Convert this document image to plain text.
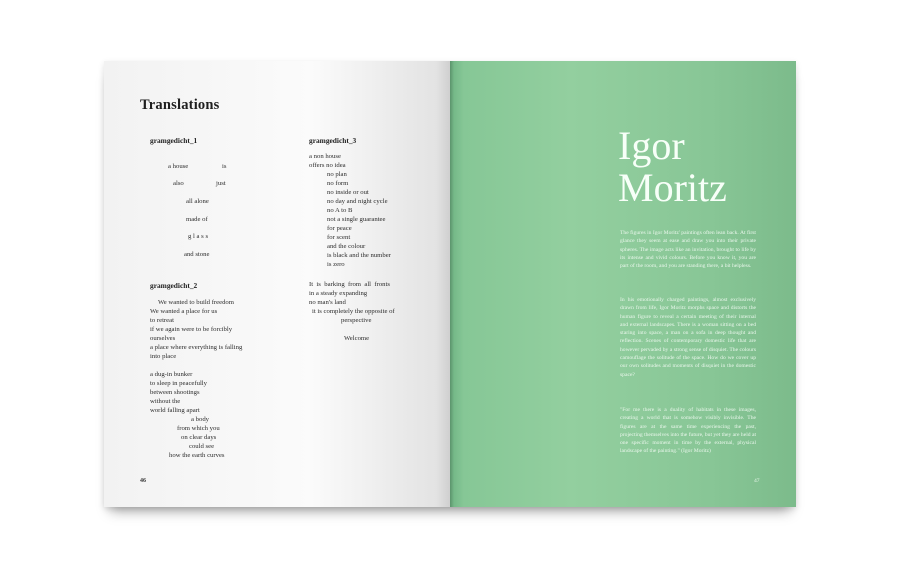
Translations
gramgedicht_1
a house	is
also	just
all alone
made of
g l a s s
and stone
gramgedicht_2
We wanted to build freedom
We wanted a place for us
to retreat
if we again were to be forcibly
ourselves
a place where everything is falling
into place
a dug-in bunker
to sleep in peacefully
between shootings
without the
world falling apart
a body
from which you
on clear days
could see
how the earth curves
gramgedicht_3
a non house
offers no idea
no plan
no form
no inside or out
no day and night cycle
no A to B
not a single guarantee
for peace
for scent
and the colour
is black and the number
is zero
It  is  barking  from  all  fronts
in a steady expanding
no man's land
it is completely the opposite of
perspective
Welcome
46
Igor
Moritz
The figures in Igor Moritz' paintings often lean back. At first glance they seem at ease and draw you into their private spheres. The image acts like an invitation, brought to life by its intense and vivid colours. Before you know it, you are part of the room, and you are standing there, a bit helpless.
In his emotionally charged paintings, almost exclusively drawn from life, Igor Moritz morphs space and distorts the human figure to reveal a certain meeting of their internal and external landscapes. There is a woman sitting on a bed staring into space, a man on a sofa in deep thought and reflection. Scenes of contemporary domestic life that are however pervaded by a strong sense of disquiet. The colours camouflage the solitude of the space. How do we cover up our own solitudes and moments of disquiet in the domestic space?
"For me there is a duality of habitats in these images, creating a world that is somehow visibly invisible. The figures are at the same time experiencing the past, projecting themselves into the future, but yet they are held at one specific moment in time by the external, physical landscape of the painting." (Igor Moritz)
47
